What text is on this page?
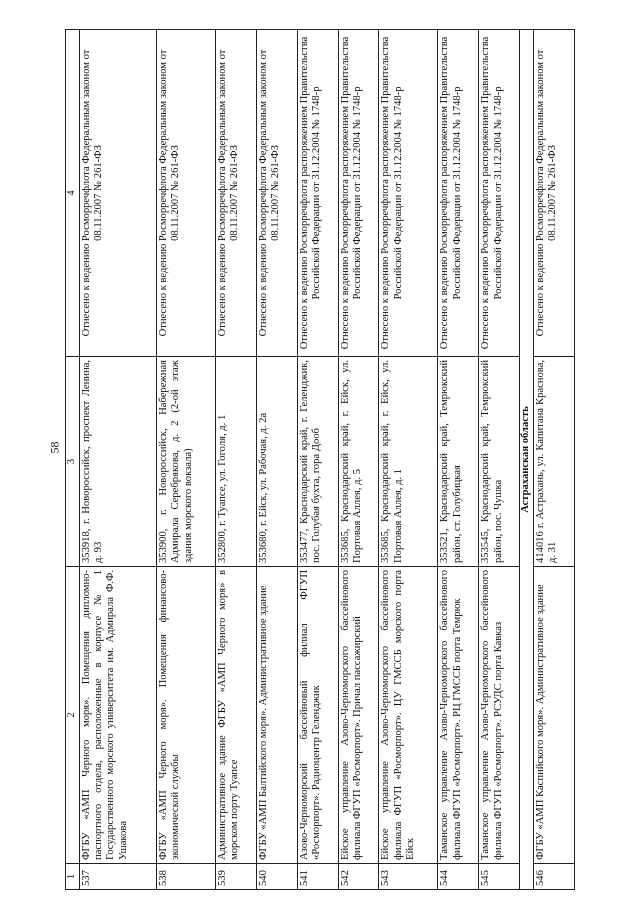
58
1	2	3	4
537	ФГБУ «АМП Черного моря». Помещения дипломно-паспортного отдела, расположенные в корпусе № 1 Государственного морского университета им. Адмирала Ф.Ф. Ушакова	353918, г. Новороссийск, проспект Ленина, д. 93	Отнесено к ведению Росморречфлота Федеральным законом от 08.11.2007 № 261-ФЗ
538	ФГБУ «АМП Черного моря». Помещения финансово-экономической службы	353900, г. Новороссийск, Набережная Адмирала Серебрякова, д. 2 (2-ой этаж здания морского вокзала)	Отнесено к ведению Росморречфлота Федеральным законом от 08.11.2007 № 261-ФЗ
539	Административное здание ФГБУ «АМП Черного моря» в морском порту Туапсе	352800, г. Туапсе, ул. Гоголя, д. 1	Отнесено к ведению Росморречфлота Федеральным законом от 08.11.2007 № 261-ФЗ
540	ФГБУ «АМП Балтийского моря». Административное здание	353680, г. Ейск, ул. Рабочая, д. 2а	Отнесено к ведению Росморречфлота Федеральным законом от 08.11.2007 № 261-ФЗ
541	Азово-Черноморский бассейновый филиал ФГУП «Росморпорт». Радиоцентр Геленджик	353477, Краснодарский край, г. Геленджик, пос. Голубая бухта, гора Дооб	Отнесено к ведению Росморречфлота распоряжением Правительства Российской Федерации от 31.12.2004 № 1748-р
542	Ейское управление Азово-Черноморского бассейнового филиала ФГУП «Росморпорт». Причал пассажирский	353685, Краснодарский край, г. Ейск, ул. Портовая Аллея, д. 5	Отнесено к ведению Росморречфлота распоряжением Правительства Российской Федерации от 31.12.2004 № 1748-р
543	Ейское управление Азово-Черноморского бассейнового филиала ФГУП «Росморпорт». ЦУ ГМССБ морского порта Ейск	353685, Краснодарский край, г. Ейск, ул. Портовая Аллея, д. 1	Отнесено к ведению Росморречфлота распоряжением Правительства Российской Федерации от 31.12.2004 № 1748-р
544	Таманское управление Азово-Черноморского бассейнового филиала ФГУП «Росморпорт». РЦ ГМССБ порта Темрюк	353521, Краснодарский край, Темрюкский район, ст. Голубицкая	Отнесено к ведению Росморречфлота распоряжением Правительства Российской Федерации от 31.12.2004 № 1748-р
545	Таманское управление Азово-Черноморского бассейнового филиала ФГУП «Росморпорт». РСУДС порта Кавказ	353545, Краснодарский край, Темрюкский район, пос. Чушка	Отнесено к ведению Росморречфлота распоряжением Правительства Российской Федерации от 31.12.2004 № 1748-р
Астраханская область			
546	ФГБУ «АМП Каспийского моря». Административное здание	414016 г. Астрахань, ул. Капитана Краснова, д. 31	Отнесено к ведению Росморречфлота Федеральным законом от 08.11.2007 № 261-ФЗ
